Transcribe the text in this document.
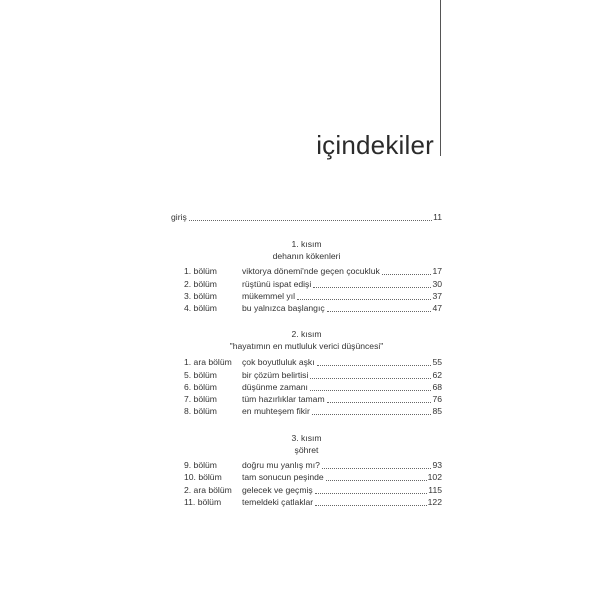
içindekiler
giriş	11
1. kısım
dehanın kökenleri
1. bölüm	viktorya dönemi'nde geçen çocukluk	17
2. bölüm	rüştünü ispat edişi	30
3. bölüm	mükemmel yıl	37
4. bölüm	bu yalnızca başlangıç	47
2. kısım
"hayatımın en mutluluk verici düşüncesi"
1. ara bölüm	çok boyutluluk aşkı	55
5. bölüm	bir çözüm belirtisi	62
6. bölüm	düşünme zamanı	68
7. bölüm	tüm hazırlıklar tamam	76
8. bölüm	en muhteşem fikir	85
3. kısım
şöhret
9. bölüm	doğru mu yanlış mı?	93
10. bölüm	tam sonucun peşinde	102
2. ara bölüm	gelecek ve geçmiş	115
11. bölüm	temeldeki çatlaklar	122
